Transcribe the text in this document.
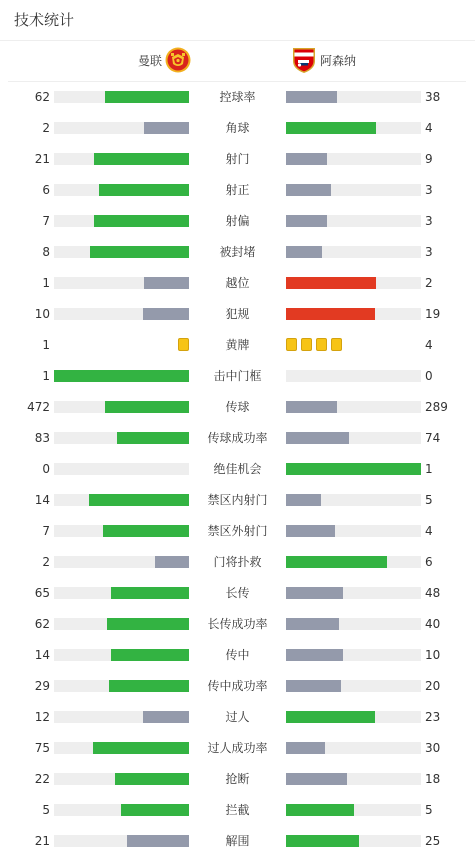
技术统计
曼联	阿森纳
62	控球率	38
2	角球	4
21	射门	9
6	射正	3
7	射偏	3
8	被封堵	3
1	越位	2
10	犯规	19
1	黄牌	4
1	击中门框	0
472	传球	289
83	传球成功率	74
0	绝佳机会	1
14	禁区内射门	5
7	禁区外射门	4
2	门将扑救	6
65	长传	48
62	长传成功率	40
14	传中	10
29	传中成功率	20
12	过人	23
75	过人成功率	30
22	抢断	18
5	拦截	5
21	解围	25
